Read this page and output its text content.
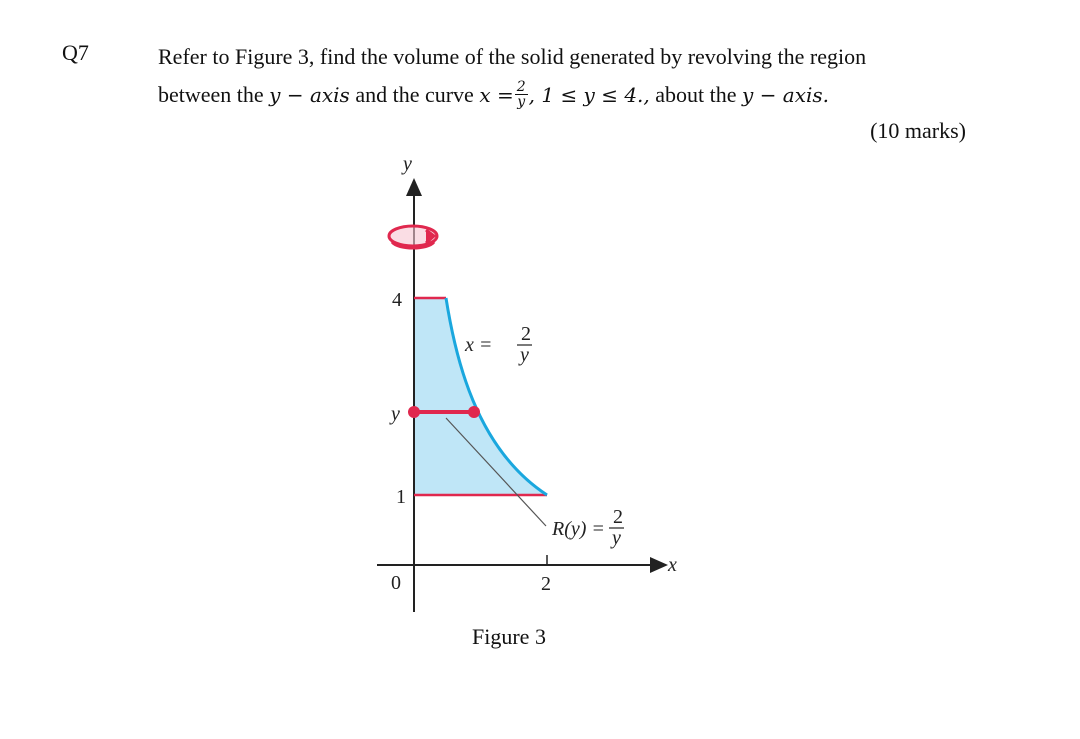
Q7	Refer to Figure 3, find the volume of the solid generated by revolving the region
between the y − axis and the curve $x = \frac{2}{y}$ , 1 ≤ y ≤ 4., about the y − axis.
(10 marks)
y
x
4
y
1
0	2
x = 2
y
R(y) =
2
y
Figure 3
